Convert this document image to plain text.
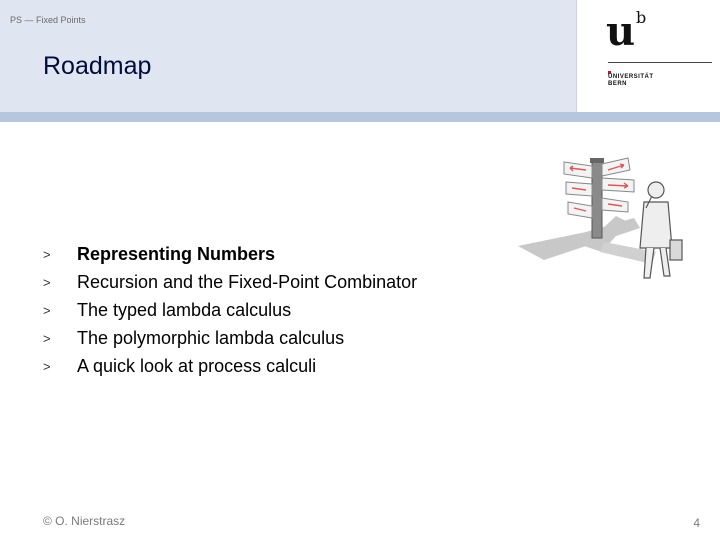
PS — Fixed Points
Roadmap
u b
UNIVERSITÄT
BERN
>	Representing Numbers
>	Recursion and the Fixed-Point Combinator
>	The typed lambda calculus
>	The polymorphic lambda calculus
>	A quick look at process calculi
© O. Nierstrasz	4
